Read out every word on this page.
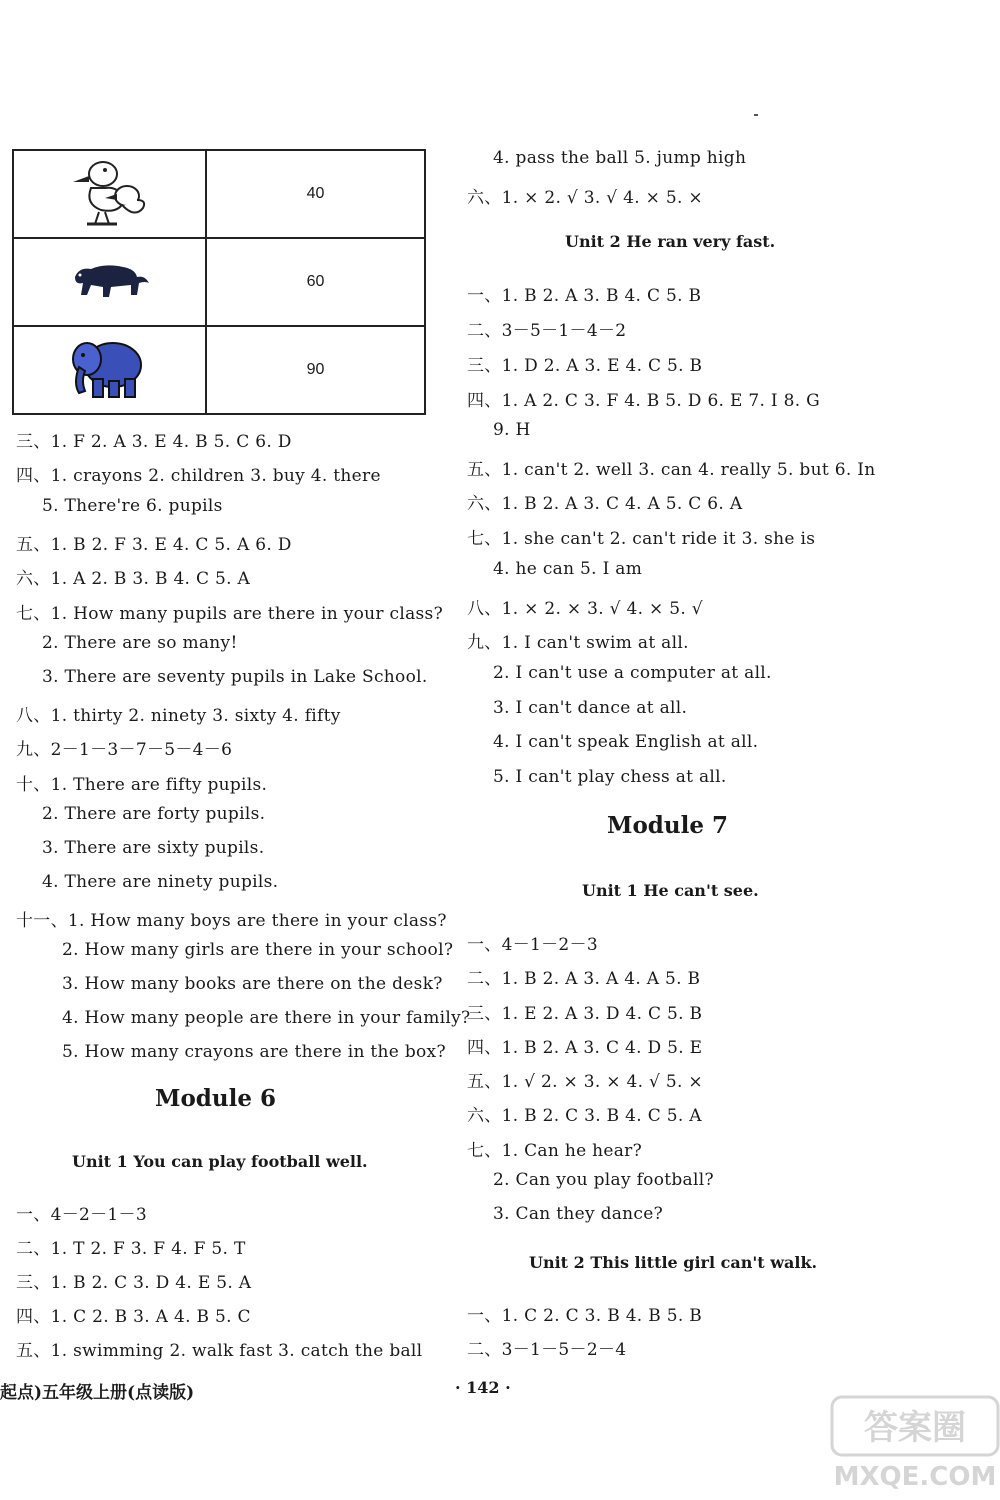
	40
	60
	90
三、1. F 2. A 3. E 4. B 5. C 6. D
四、1. crayons 2. children 3. buy 4. there
5. There're 6. pupils
五、1. B 2. F 3. E 4. C 5. A 6. D
六、1. A 2. B 3. B 4. C 5. A
七、1. How many pupils are there in your class?
2. There are so many!
3. There are seventy pupils in Lake School.
八、1. thirty 2. ninety 3. sixty 4. fifty
九、2－1－3－7－5－4－6
十、1. There are fifty pupils.
2. There are forty pupils.
3. There are sixty pupils.
4. There are ninety pupils.
十一、1. How many boys are there in your class?
2. How many girls are there in your school?
3. How many books are there on the desk?
4. How many people are there in your family?
5. How many crayons are there in the box?
Module 6
Unit 1 You can play football well.
一、4－2－1－3
二、1. T 2. F 3. F 4. F 5. T
三、1. B 2. C 3. D 4. E 5. A
四、1. C 2. B 3. A 4. B 5. C
五、1. swimming 2. walk fast 3. catch the ball
4. pass the ball 5. jump high
六、1. × 2. √ 3. √ 4. × 5. ×
Unit 2 He ran very fast.
一、1. B 2. A 3. B 4. C 5. B
二、3－5－1－4－2
三、1. D 2. A 3. E 4. C 5. B
四、1. A 2. C 3. F 4. B 5. D 6. E 7. I 8. G
9. H
五、1. can't 2. well 3. can 4. really 5. but 6. In
六、1. B 2. A 3. C 4. A 5. C 6. A
七、1. she can't 2. can't ride it 3. she is
4. he can 5. I am
八、1. × 2. × 3. √ 4. × 5. √
九、1. I can't swim at all.
2. I can't use a computer at all.
3. I can't dance at all.
4. I can't speak English at all.
5. I can't play chess at all.
Module 7
Unit 1 He can't see.
一、4－1－2－3
二、1. B 2. A 3. A 4. A 5. B
三、1. E 2. A 3. D 4. C 5. B
四、1. B 2. A 3. C 4. D 5. E
五、1. √ 2. × 3. × 4. √ 5. ×
六、1. B 2. C 3. B 4. C 5. A
七、1. Can he hear?
2. Can you play football?
3. Can they dance?
Unit 2 This little girl can't walk.
一、1. C 2. C 3. B 4. B 5. B
二、3－1－5－2－4
起点)五年级上册(点读版)	· 142 ·
答案圈
MXQE.COM
